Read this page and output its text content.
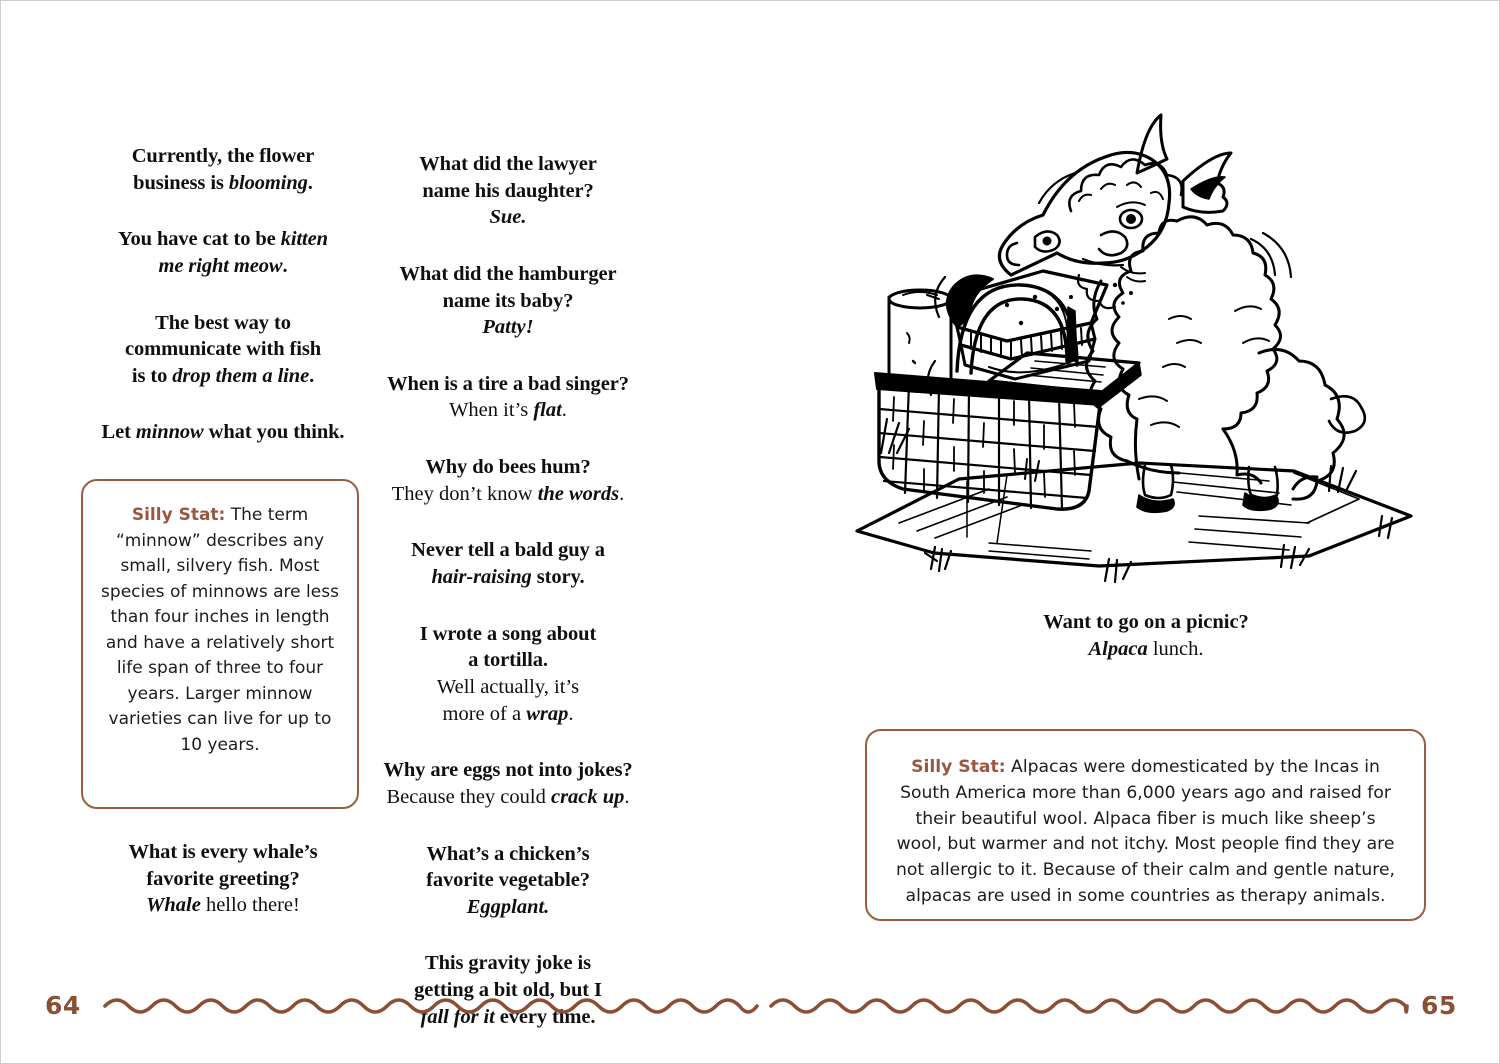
Currently, the flower
business is blooming.

You have cat to be kitten
me right meow.

The best way to
communicate with fish
is to drop them a line.

Let minnow what you think.

Silly Stat: The term “minnow” describes any small, silvery fish. Most species of minnows are less than four inches in length and have a relatively short life span of three to four years. Larger minnow varieties can live for up to 10 years.

What is every whale’s
favorite greeting?
Whale hello there!

What did the lawyer
name his daughter?
Sue.

What did the hamburger
name its baby?
Patty!

When is a tire a bad singer?
When it’s flat.

Why do bees hum?
They don’t know the words.

Never tell a bald guy a
hair-raising story.

I wrote a song about
a tortilla.
Well actually, it’s
more of a wrap.

Why are eggs not into jokes?
Because they could crack up.

What’s a chicken’s
favorite vegetable?
Eggplant.

This gravity joke is
getting a bit old, but I
fall for it every time.

Want to go on a picnic?
Alpaca lunch.
Silly Stat: Alpacas were domesticated by the Incas in South America more than 6,000 years ago and raised for their beautiful wool. Alpaca fiber is much like sheep’s wool, but warmer and not itchy. Most people find they are not allergic to it. Because of their calm and gentle nature, alpacas are used in some countries as therapy animals.
64	65
